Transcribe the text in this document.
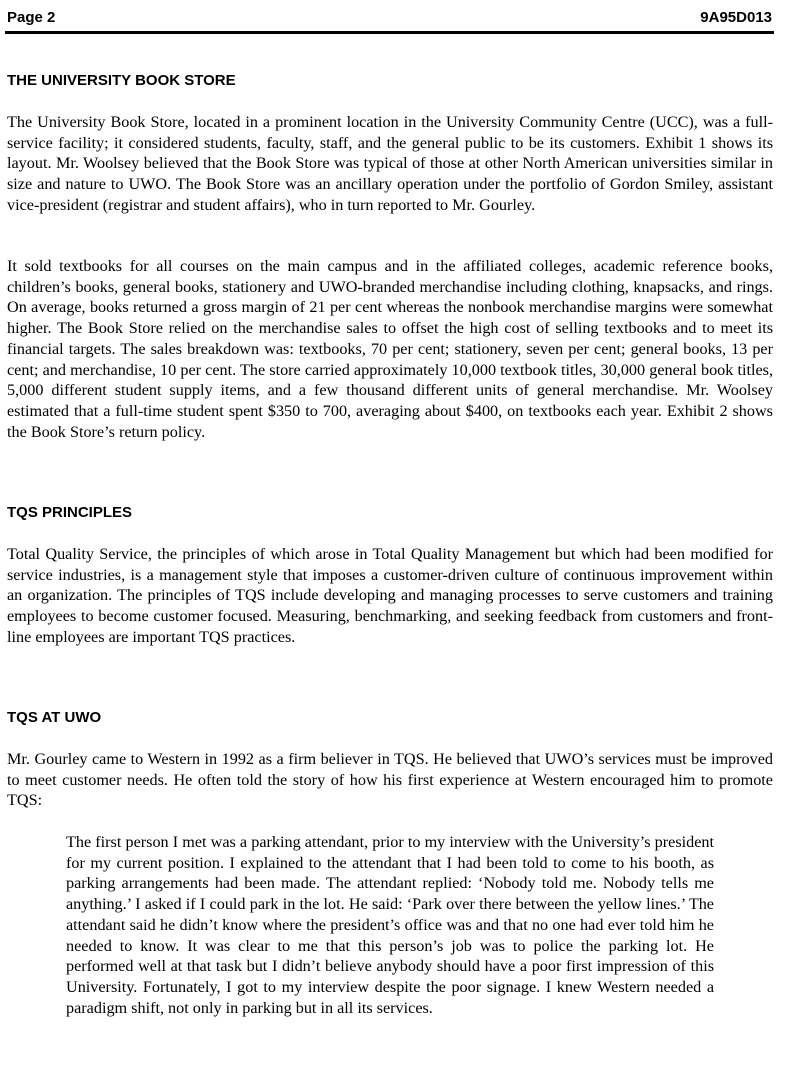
Page 2	9A95D013
THE UNIVERSITY BOOK STORE

The University Book Store, located in a prominent location in the University Community Centre (UCC), was a full-service facility; it considered students, faculty, staff, and the general public to be its customers. Exhibit 1 shows its layout. Mr. Woolsey believed that the Book Store was typical of those at other North American universities similar in size and nature to UWO. The Book Store was an ancillary operation under the portfolio of Gordon Smiley, assistant vice-president (registrar and student affairs), who in turn reported to Mr. Gourley.

It sold textbooks for all courses on the main campus and in the affiliated colleges, academic reference books, children’s books, general books, stationery and UWO-branded merchandise including clothing, knapsacks, and rings. On average, books returned a gross margin of 21 per cent whereas the nonbook merchandise margins were somewhat higher. The Book Store relied on the merchandise sales to offset the high cost of selling textbooks and to meet its financial targets. The sales breakdown was: textbooks, 70 per cent; stationery, seven per cent; general books, 13 per cent; and merchandise, 10 per cent. The store carried approximately 10,000 textbook titles, 30,000 general book titles, 5,000 different student supply items, and a few thousand different units of general merchandise. Mr. Woolsey estimated that a full-time student spent $350 to 700, averaging about $400, on textbooks each year. Exhibit 2 shows the Book Store’s return policy.

TQS PRINCIPLES

Total Quality Service, the principles of which arose in Total Quality Management but which had been modified for service industries, is a management style that imposes a customer-driven culture of continuous improvement within an organization. The principles of TQS include developing and managing processes to serve customers and training employees to become customer focused. Measuring, benchmarking, and seeking feedback from customers and front-line employees are important TQS practices.

TQS AT UWO

Mr. Gourley came to Western in 1992 as a firm believer in TQS. He believed that UWO’s services must be improved to meet customer needs. He often told the story of how his first experience at Western encouraged him to promote TQS:

The first person I met was a parking attendant, prior to my interview with the University’s president for my current position. I explained to the attendant that I had been told to come to his booth, as parking arrangements had been made. The attendant replied: ‘Nobody told me. Nobody tells me anything.’ I asked if I could park in the lot. He said: ‘Park over there between the yellow lines.’ The attendant said he didn’t know where the president’s office was and that no one had ever told him he needed to know. It was clear to me that this person’s job was to police the parking lot. He performed well at that task but I didn’t believe anybody should have a poor first impression of this University. Fortunately, I got to my interview despite the poor signage. I knew Western needed a paradigm shift, not only in parking but in all its services.
